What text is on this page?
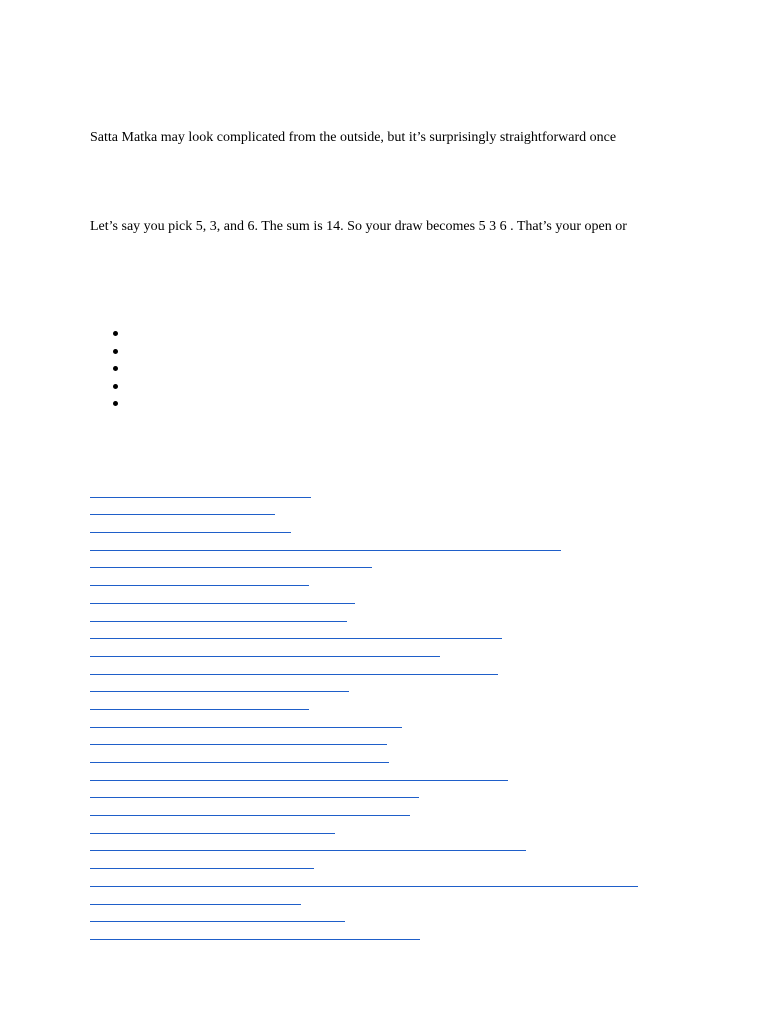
Satta Matka may look complicated from the outside, but it’s surprisingly straightforward once

Let’s say you pick 5, 3, and 6. The sum is 14. So your draw becomes 5 3 6 . That’s your open or
